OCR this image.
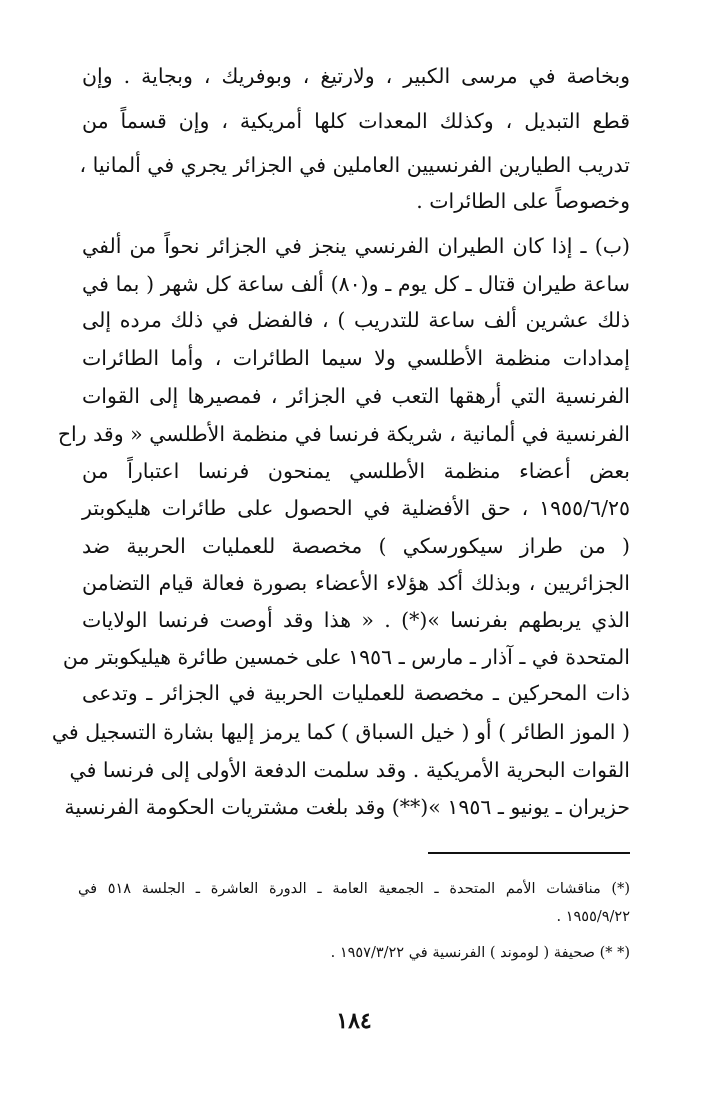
وبخاصة في مرسى الكبير ، ولارتيغ ، وبوفريك ، وبجاية . وإن
قطع التبديل ، وكذلك المعدات كلها أمريكية ، وإن قسماً من
تدريب الطيارين الفرنسيين العاملين في الجزائر يجري في ألمانيا ،
وخصوصاً على الطائرات .
(ب) ـ إذا كان الطيران الفرنسي ينجز في الجزائر نحواً من ألفي
ساعة طيران قتال ـ كل يوم ـ و(٨٠) ألف ساعة كل شهر ( بما في
ذلك عشرين ألف ساعة للتدريب ) ، فالفضل في ذلك مرده إلى
إمدادات منظمة الأطلسي ولا سيما الطائرات ، وأما الطائرات
الفرنسية التي أرهقها التعب في الجزائر ، فمصيرها إلى القوات
الفرنسية في ألمانية ، شريكة فرنسا في منظمة الأطلسي « وقد راح
بعض أعضاء منظمة الأطلسي يمنحون فرنسا اعتباراً من
١٩٥٥/٦/٢٥ ، حق الأفضلية في الحصول على طائرات هليكوبتر
( من طراز سيكورسكي ) مخصصة للعمليات الحربية ضد
الجزائريين ، وبذلك أكد هؤلاء الأعضاء بصورة فعالة قيام التضامن
الذي يربطهم بفرنسا »(*) . « هذا وقد أوصت فرنسا الولايات
المتحدة في ـ آذار ـ مارس ـ ١٩٥٦ على خمسين طائرة هيليكوبتر من
ذات المحركين ـ مخصصة للعمليات الحربية في الجزائر ـ وتدعى
( الموز الطائر ) أو ( خيل السباق ) كما يرمز إليها بشارة التسجيل في
القوات البحرية الأمريكية . وقد سلمت الدفعة الأولى إلى فرنسا في
حزيران ـ يونيو ـ ١٩٥٦ »(**) وقد بلغت مشتريات الحكومة الفرنسية
(*) مناقشات الأمم المتحدة ـ الجمعية العامة ـ الدورة العاشرة ـ الجلسة ٥١٨ في
١٩٥٥/٩/٢٢ .
(* *) صحيفة ( لوموند ) الفرنسية في ١٩٥٧/٣/٢٢ .
١٨٤
